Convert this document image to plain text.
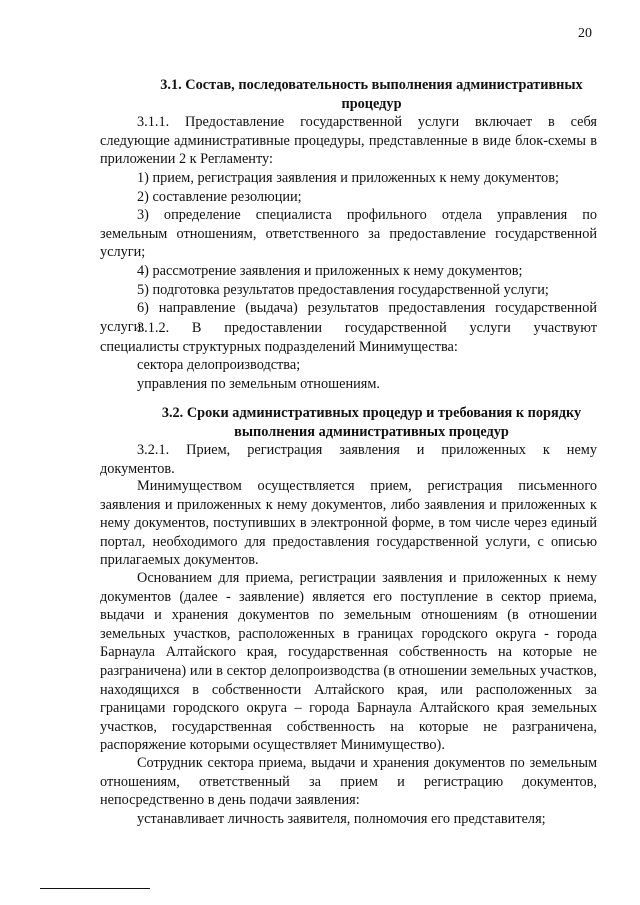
20
3.1. Состав, последовательность выполнения административных процедур

3.1.1. Предоставление государственной услуги включает в себя

следующие административные процедуры, представленные в виде блок-схемы в приложении 2 к Регламенту:

1) прием, регистрация заявления и приложенных к нему документов;

2) составление резолюции;

3) определение специалиста профильного отдела управления по

земельным отношениям, ответственного за предоставление государственной услуги;

4) рассмотрение заявления и приложенных к нему документов;

5) подготовка результатов предоставления государственной услуги;

6) направление (выдача) результатов предоставления государственной

услуги.

3.1.2. В предоставлении государственной услуги участвуют

специалисты структурных подразделений Минимущества:

сектора делопроизводства;

управления по земельным отношениям.

3.2. Сроки административных процедур и требования к порядку выполнения административных процедур

3.2.1. Прием, регистрация заявления и приложенных к нему

документов.

Минимуществом осуществляется прием, регистрация письменного заявления и приложенных к нему документов, либо заявления и приложенных к нему документов, поступивших в электронной форме, в том числе через единый портал, необходимого для предоставления государственной услуги, с описью прилагаемых документов.
Основанием для приема, регистрации заявления и приложенных к нему документов (далее - заявление) является его поступление в сектор приема, выдачи и хранения документов по земельным отношениям (в отношении земельных участков, расположенных в границах городского округа - города Барнаула Алтайского края, государственная собственность на которые не разграничена) или в сектор делопроизводства (в отношении земельных участков, находящихся в собственности Алтайского края, или расположенных за границами городского округа – города Барнаула Алтайского края земельных участков, государственная собственность на которые не разграничена, распоряжение которыми осуществляет Минимущество).
Сотрудник сектора приема, выдачи и хранения документов по земельным отношениям, ответственный за прием и регистрацию документов, непосредственно в день подачи заявления:
устанавливает личность заявителя, полномочия его представителя;
